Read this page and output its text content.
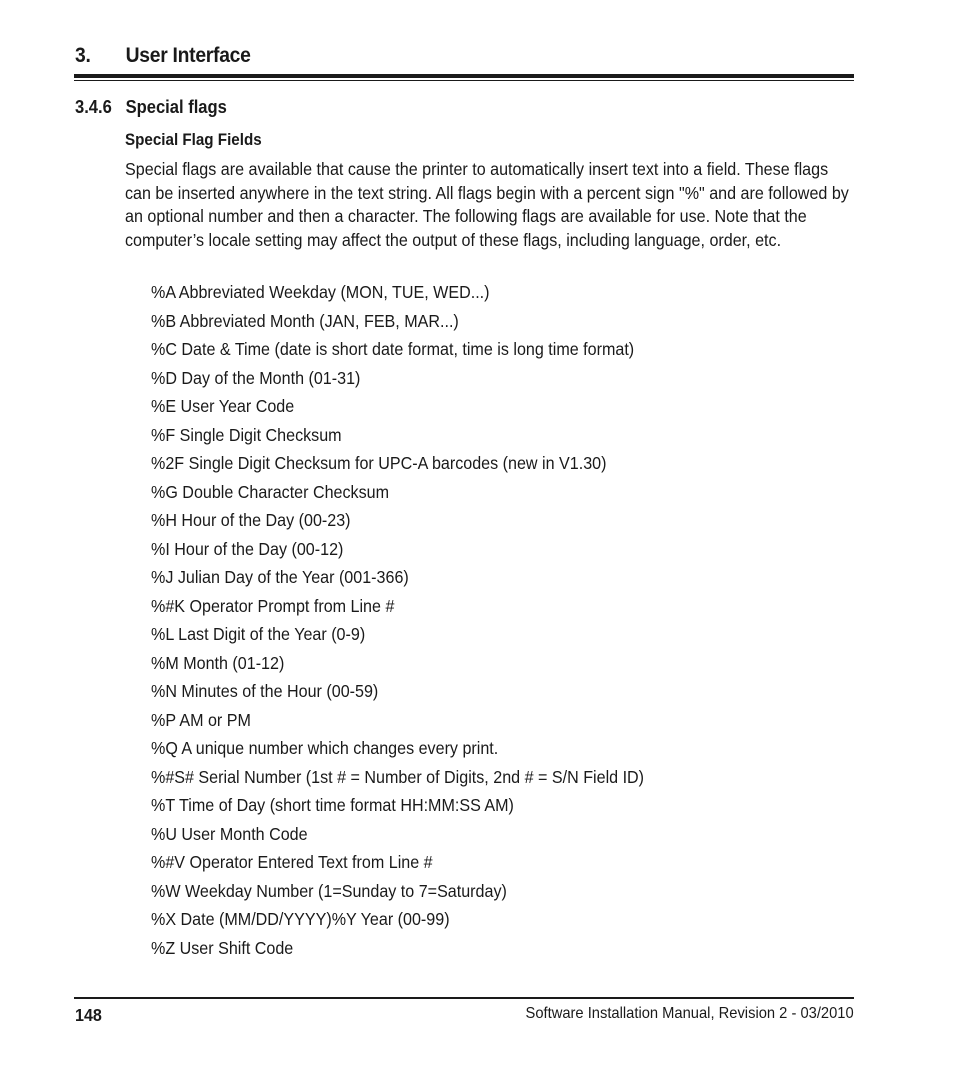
3. User Interface
3.4.6 Special flags
Special Flag Fields

Special flags are available that cause the printer to automatically insert text into a field. These flags can be inserted anywhere in the text string. All flags begin with a percent sign "%" and are followed by an optional number and then a character. The following flags are available for use. Note that the computer’s locale setting may affect the output of these flags, including language, order, etc.

%A Abbreviated Weekday (MON, TUE, WED...)
%B Abbreviated Month (JAN, FEB, MAR...)
%C Date & Time (date is short date format, time is long time format)
%D Day of the Month (01-31)
%E User Year Code
%F Single Digit Checksum
%2F Single Digit Checksum for UPC-A barcodes (new in V1.30)
%G Double Character Checksum
%H Hour of the Day (00-23)
%I Hour of the Day (00-12)
%J Julian Day of the Year (001-366)
%#K Operator Prompt from Line #
%L Last Digit of the Year (0-9)
%M Month (01-12)
%N Minutes of the Hour (00-59)
%P AM or PM
%Q A unique number which changes every print.
%#S# Serial Number (1st # = Number of Digits, 2nd # = S/N Field ID)
%T Time of Day (short time format HH:MM:SS AM)
%U User Month Code
%#V Operator Entered Text from Line #
%W Weekday Number (1=Sunday to 7=Saturday)
%X Date (MM/DD/YYYY)%Y Year (00-99)
%Z User Shift Code
148	Software Installation Manual, Revision 2 - 03/2010
